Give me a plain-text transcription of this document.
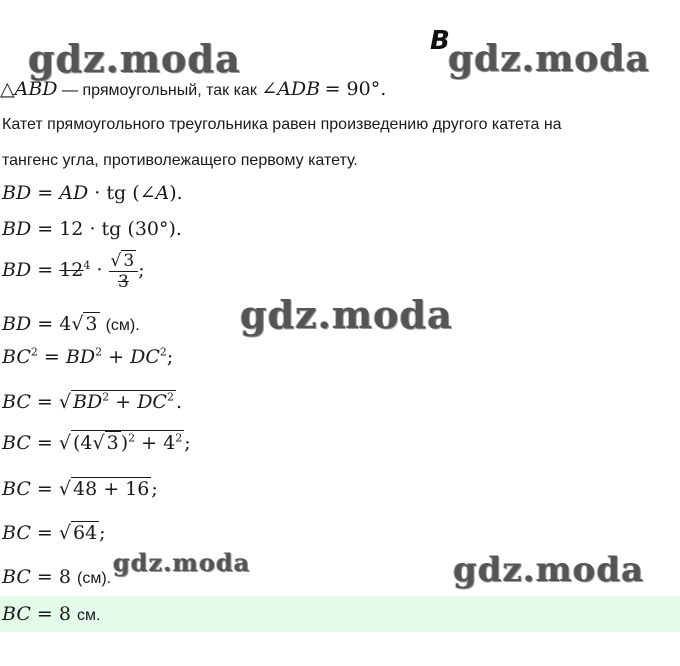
gdz.moda	B
gdz.moda
gdz.moda
gdz.moda	gdz.moda
△ABD — прямоугольный, так как ∠ADB = 90°.
Катет прямоугольного треугольника равен произведению другого катета на
тангенс угла, противолежащего первому катету.
BD = AD · tg (∠A).
BD = 12 · tg (30°).
BD = $12^4 \cdot \frac{√ 3}{3}$ ;
BD = 4√ 3 (см).
$BC^2 = BD^2 + DC^2$;
BC = √ $BD^2 + DC^2$ .
BC = √ (4√ 3 )$^2 + 4^2$ ;
BC = √ 48 + 16 ;
BC = √ 64 ;
BC = 8 (см).
BC = 8 см.
